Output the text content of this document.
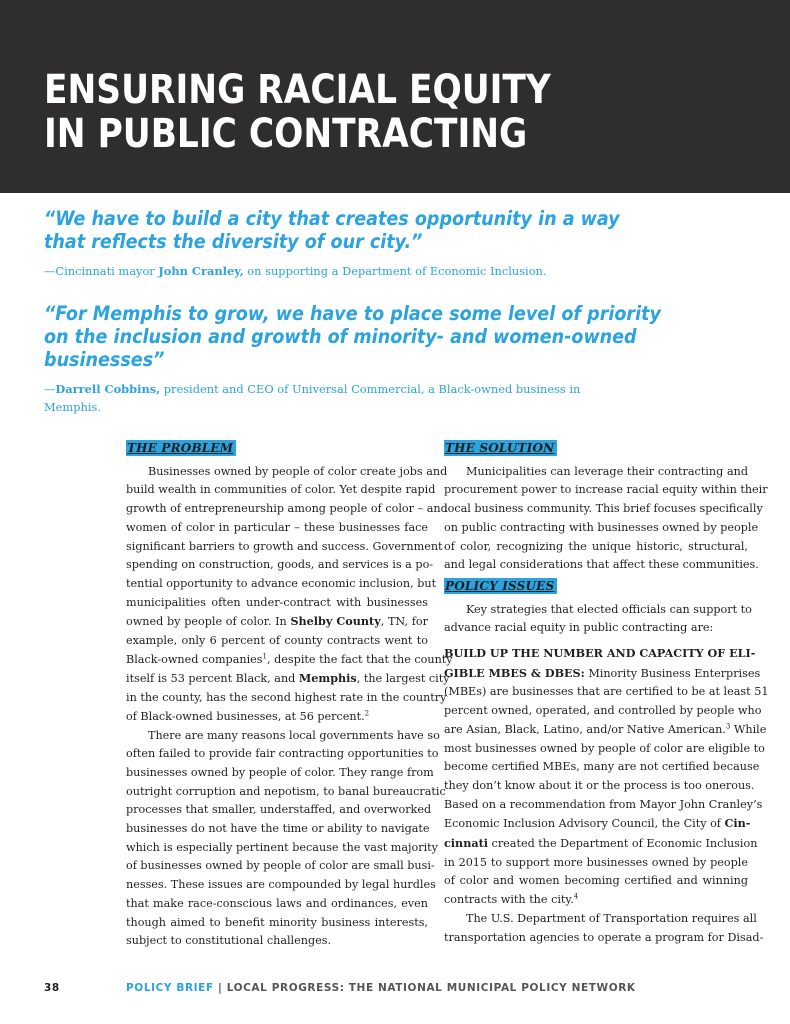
ENSURING RACIAL EQUITY
IN PUBLIC CONTRACTING

“We have to build a city that creates opportunity in a way
that reflects the diversity of our city.”

—Cincinnati mayor John Cranley, on supporting a Department of Economic Inclusion.

“For Memphis to grow, we have to place some level of priority
on the inclusion and growth of minority- and women-owned
businesses”

—Darrell Cobbins, president and CEO of Universal Commercial, a Black-owned business in
Memphis.

THE PROBLEM
Businesses owned by people of color create jobs and
build wealth in communities of color. Yet despite rapid
growth of entrepreneurship among people of color – and
women of color in particular – these businesses face
significant barriers to growth and success. Government
spending on construction, goods, and services is a po-
tential opportunity to advance economic inclusion, but
municipalities often under-contract with businesses
owned by people of color. In Shelby County, TN, for
example, only 6 percent of county contracts went to
Black-owned companies$^1$, despite the fact that the county
itself is 53 percent Black, and Memphis, the largest city
in the county, has the second highest rate in the country
of Black-owned businesses, at 56 percent.$^2$
There are many reasons local governments have so
often failed to provide fair contracting opportunities to
businesses owned by people of color. They range from
outright corruption and nepotism, to banal bureaucratic
processes that smaller, understaffed, and overworked
businesses do not have the time or ability to navigate
which is especially pertinent because the vast majority
of businesses owned by people of color are small busi-
nesses. These issues are compounded by legal hurdles
that make race-conscious laws and ordinances, even
though aimed to benefit minority business interests,
subject to constitutional challenges.
THE SOLUTION
Municipalities can leverage their contracting and
procurement power to increase racial equity within their
local business community. This brief focuses specifically
on public contracting with businesses owned by people
of color, recognizing the unique historic, structural,
and legal considerations that affect these communities.
POLICY ISSUES
Key strategies that elected officials can support to
advance racial equity in public contracting are:
BUILD UP THE NUMBER AND CAPACITY OF ELI-
GIBLE MBES & DBES: Minority Business Enterprises
(MBEs) are businesses that are certified to be at least 51
percent owned, operated, and controlled by people who
are Asian, Black, Latino, and/or Native American.$^3$ While
most businesses owned by people of color are eligible to
become certified MBEs, many are not certified because
they don’t know about it or the process is too onerous.
Based on a recommendation from Mayor John Cranley’s
Economic Inclusion Advisory Council, the City of Cin-
cinnati created the Department of Economic Inclusion
in 2015 to support more businesses owned by people
of color and women becoming certified and winning
contracts with the city.$^4$
The U.S. Department of Transportation requires all
transportation agencies to operate a program for Disad-
38	POLICY BRIEF | LOCAL PROGRESS: THE NATIONAL MUNICIPAL POLICY NETWORK
